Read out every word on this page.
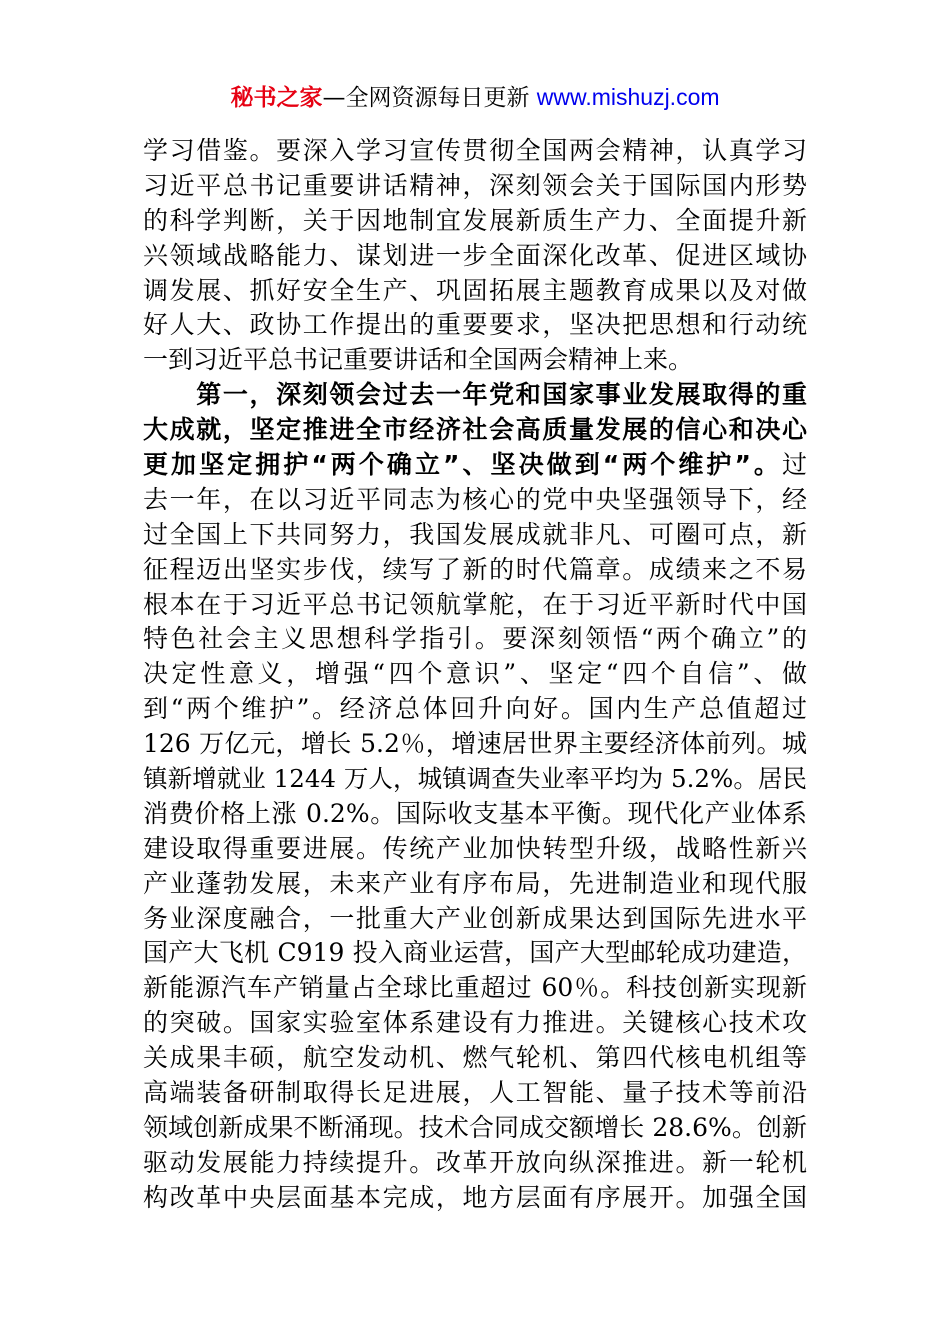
秘书之家—全网资源每日更新 www.mishuzj.com
学习借鉴。要深入学习宣传贯彻全国两会精神，认真学习
习近平总书记重要讲话精神，深刻领会关于国际国内形势
的科学判断，关于因地制宜发展新质生产力、全面提升新
兴领域战略能力、谋划进一步全面深化改革、促进区域协
调发展、抓好安全生产、巩固拓展主题教育成果以及对做
好人大、政协工作提出的重要要求，坚决把思想和行动统
一到习近平总书记重要讲话和全国两会精神上来。
　　第一，深刻领会过去一年党和国家事业发展取得的重
大成就，坚定推进全市经济社会高质量发展的信心和决心
更加坚定拥护“两个确立”、坚决做到“两个维护”。过
去一年，在以习近平同志为核心的党中央坚强领导下，经
过全国上下共同努力，我国发展成就非凡、可圈可点，新
征程迈出坚实步伐，续写了新的时代篇章。成绩来之不易
根本在于习近平总书记领航掌舵，在于习近平新时代中国
特色社会主义思想科学指引。要深刻领悟“两个确立”的
决定性意义，增强“四个意识”、坚定“四个自信”、做
到“两个维护”。经济总体回升向好。国内生产总值超过
126 万亿元，增长 5.2％，增速居世界主要经济体前列。城
镇新增就业 1244 万人，城镇调查失业率平均为 5.2%。居民
消费价格上涨 0.2%。国际收支基本平衡。现代化产业体系
建设取得重要进展。传统产业加快转型升级，战略性新兴
产业蓬勃发展，未来产业有序布局，先进制造业和现代服
务业深度融合，一批重大产业创新成果达到国际先进水平
国产大飞机 C919 投入商业运营，国产大型邮轮成功建造，
新能源汽车产销量占全球比重超过 60％。科技创新实现新
的突破。国家实验室体系建设有力推进。关键核心技术攻
关成果丰硕，航空发动机、燃气轮机、第四代核电机组等
高端装备研制取得长足进展，人工智能、量子技术等前沿
领域创新成果不断涌现。技术合同成交额增长 28.6%。创新
驱动发展能力持续提升。改革开放向纵深推进。新一轮机
构改革中央层面基本完成，地方层面有序展开。加强全国
